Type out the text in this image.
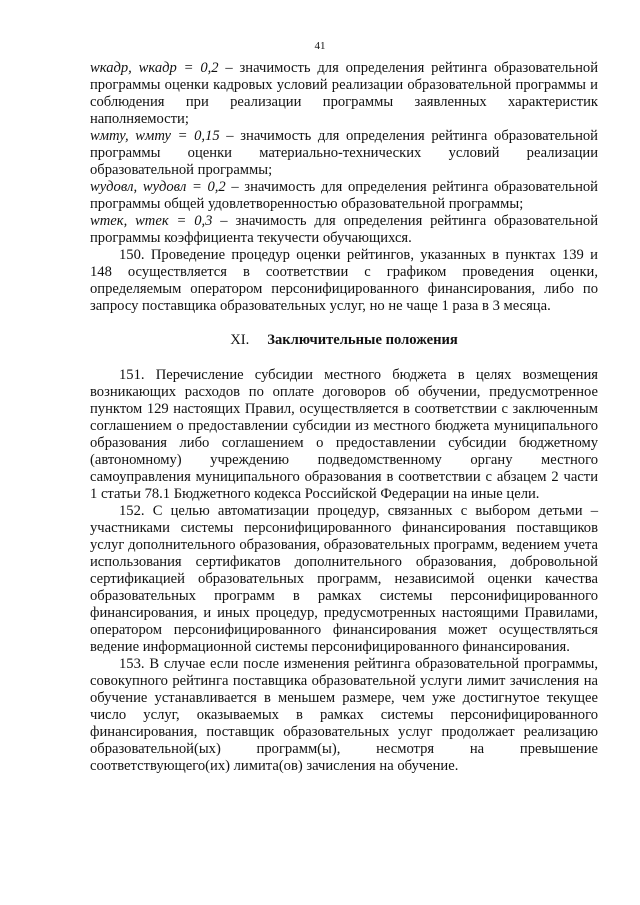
41

wкадр, wкадр = 0,2 – значимость для определения рейтинга образовательной программы оценки кадровых условий реализации образовательной программы и соблюдения при реализации программы заявленных характеристик наполняемости;

wмту, wмту = 0,15 – значимость для определения рейтинга образовательной программы оценки материально-технических условий реализации образовательной программы;

wудовл, wудовл = 0,2 – значимость для определения рейтинга образовательной программы общей удовлетворенностью образовательной программы;

wтек, wтек = 0,3 – значимость для определения рейтинга образовательной программы коэффициента текучести обучающихся.

150. Проведение процедур оценки рейтингов, указанных в пунктах 139 и 148 осуществляется в соответствии с графиком проведения оценки, определяемым оператором персонифицированного финансирования, либо по запросу поставщика образовательных услуг, но не чаще 1 раза в 3 месяца.

XI. Заключительные положения

151. Перечисление субсидии местного бюджета в целях возмещения возникающих расходов по оплате договоров об обучении, предусмотренное пунктом 129 настоящих Правил, осуществляется в соответствии с заключенным соглашением о предоставлении субсидии из местного бюджета муниципального образования либо соглашением о предоставлении субсидии бюджетному (автономному) учреждению подведомственному органу местного самоуправления муниципального образования в соответствии с абзацем 2 части 1 статьи 78.1 Бюджетного кодекса Российской Федерации на иные цели.

152. С целью автоматизации процедур, связанных с выбором детьми – участниками системы персонифицированного финансирования поставщиков услуг дополнительного образования, образовательных программ, ведением учета использования сертификатов дополнительного образования, добровольной сертификацией образовательных программ, независимой оценки качества образовательных программ в рамках системы персонифицированного финансирования, и иных процедур, предусмотренных настоящими Правилами, оператором персонифицированного финансирования может осуществляться ведение информационной системы персонифицированного финансирования.

153. В случае если после изменения рейтинга образовательной программы, совокупного рейтинга поставщика образовательной услуги лимит зачисления на обучение устанавливается в меньшем размере, чем уже достигнутое текущее число услуг, оказываемых в рамках системы персонифицированного финансирования, поставщик образовательных услуг продолжает реализацию образовательной(ых) программ(ы), несмотря на превышение соответствующего(их) лимита(ов) зачисления на обучение.
